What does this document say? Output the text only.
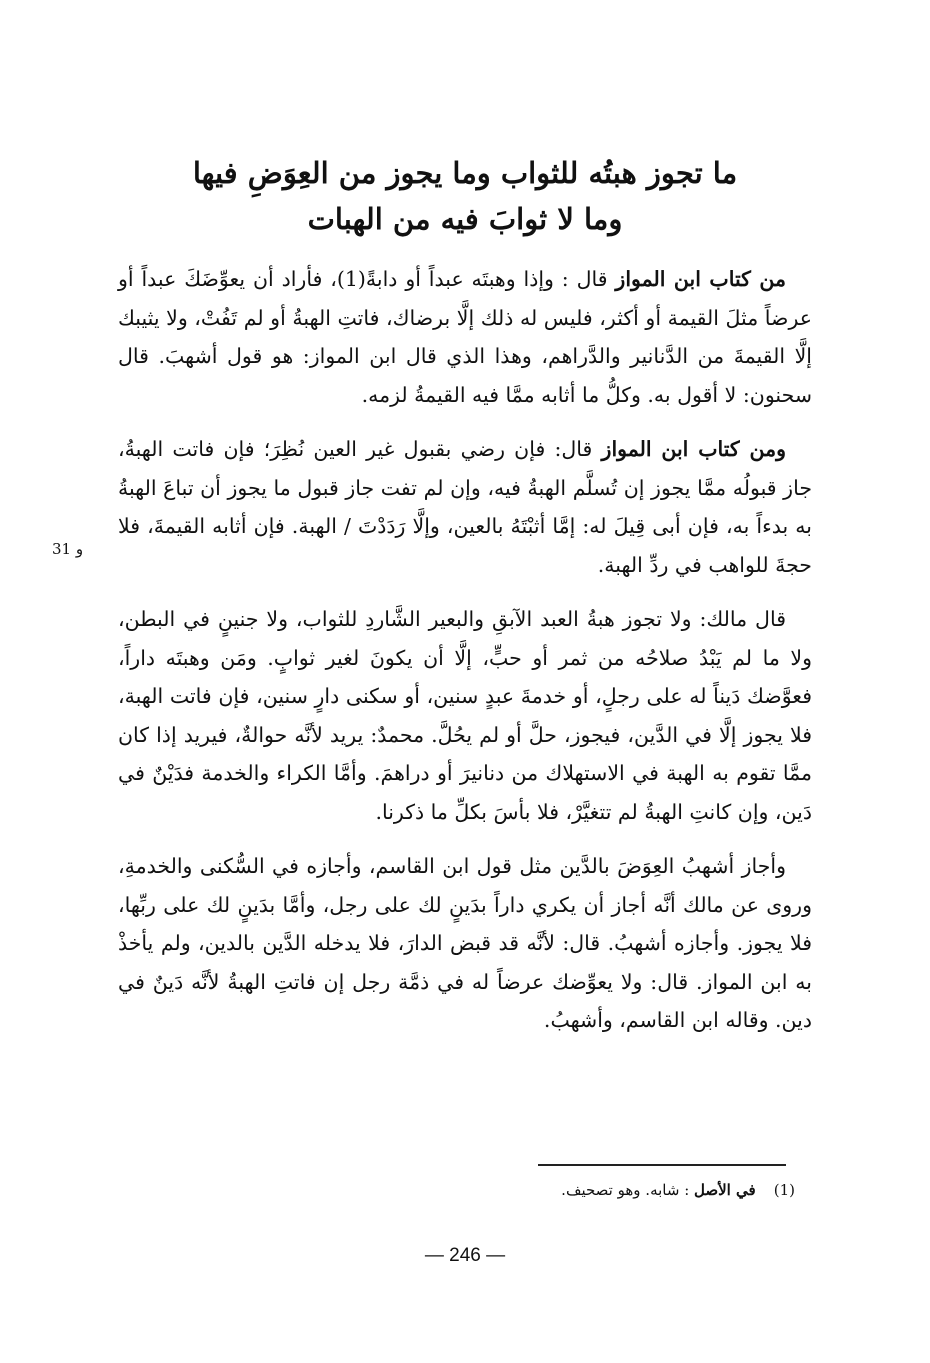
ما تجوز هبتُه للثواب وما يجوز من العِوَضِ فيها
وما لا ثوابَ فيه من الهبات

من كتاب ابن المواز قال : وإذا وهبتَه عبداً أو دابةً(1)، فأراد أن يعوِّضَكَ عبداً أو عرضاً مثلَ القيمة أو أكثر، فليس له ذلك إلَّا برضاك، فاتتِ الهبةُ أو لم تَفُتْ، ولا يثيبك إلَّا القيمةَ من الدَّنانير والدَّراهم، وهذا الذي قال ابن المواز: هو قول أشهبَ. قال سحنون: لا أقول به. وكلُّ ما أثابه ممَّا فيه القيمةُ لزمه.

ومن كتاب ابن المواز قال: فإن رضي بقبول غير العين نُظِرَ؛ فإن فاتت الهبةُ، جاز قبولُه ممَّا يجوز إن تُسلَّم الهبةُ فيه، وإن لم تفت جاز قبول ما يجوز أن تباعَ الهبةُ به بدءاً به، فإن أبى قِيلَ له: إمَّا أثبْتَهُ بالعين، وإلَّا رَدَدْتَ / الهبة. فإن أثابه القيمةَ، فلا حجةَ للواهب في ردِّ الهبة.

قال مالك: ولا تجوز هبةُ العبد الآبقِ والبعير الشَّاردِ للثواب، ولا جنينٍ في البطن، ولا ما لم يَبْدُ صلاحُه من ثمر أو حبٍّ، إلَّا أن يكونَ لغير ثوابٍ. ومَن وهبتَه داراً، فعوَّضك دَيناً له على رجلٍ، أو خدمةَ عبدٍ سنين، أو سكنى دارٍ سنين، فإن فاتت الهبة، فلا يجوز إلَّا في الدَّين، فيجوز، حلَّ أو لم يحُلَّ. محمدٌ: يريد لأنَّه حوالةٌ، فيريد إذا كان ممَّا تقوم به الهبة في الاستهلاك من دنانيرَ أو دراهمَ. وأمَّا الكراء والخدمة فدَيْنٌ في دَين، وإن كانتِ الهبةُ لم تتغيَّرْ، فلا بأسَ بكلِّ ما ذكرنا.

وأجاز أشهبُ العِوَضَ بالدَّين مثل قول ابن القاسم، وأجازه في السُّكنى والخدمةِ، وروى عن مالك أنَّه أجاز أن يكري داراً بدَينٍ لك على رجل، وأمَّا بدَينٍ لك على ربِّها، فلا يجوز. وأجازه أشهبُ. قال: لأنَّه قد قبض الدارَ، فلا يدخله الدَّين بالدين، ولم يأخذْ به ابن المواز. قال: ولا يعوِّضك عرضاً له في ذمَّة رجل إن فاتتِ الهبةُ لأنَّه دَينٌ في دين. وقاله ابن القاسم، وأشهبُ.

31 و
(1)في الأصل : شابه. وهو تصحيف.
— 246 —
